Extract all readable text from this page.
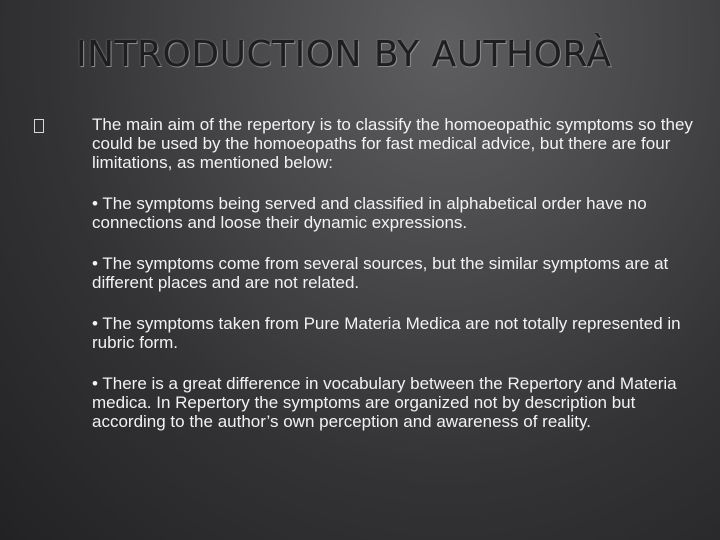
INTRODUCTION BY AUTHORÀ
The main aim of the repertory is to classify the homoeopathic symptoms so they could be used by the homoeopaths for fast medical advice, but there are four limitations, as mentioned below:

• The symptoms being served and classified in alphabetical order have no connections and loose their dynamic expressions.

• The symptoms come from several sources, but the similar symptoms are at different places and are not related.

• The symptoms taken from Pure Materia Medica are not totally represented in rubric form.

• There is a great difference in vocabulary between the Repertory and Materia medica. In Repertory the symptoms are organized not by description but according to the author’s own perception and awareness of reality.
